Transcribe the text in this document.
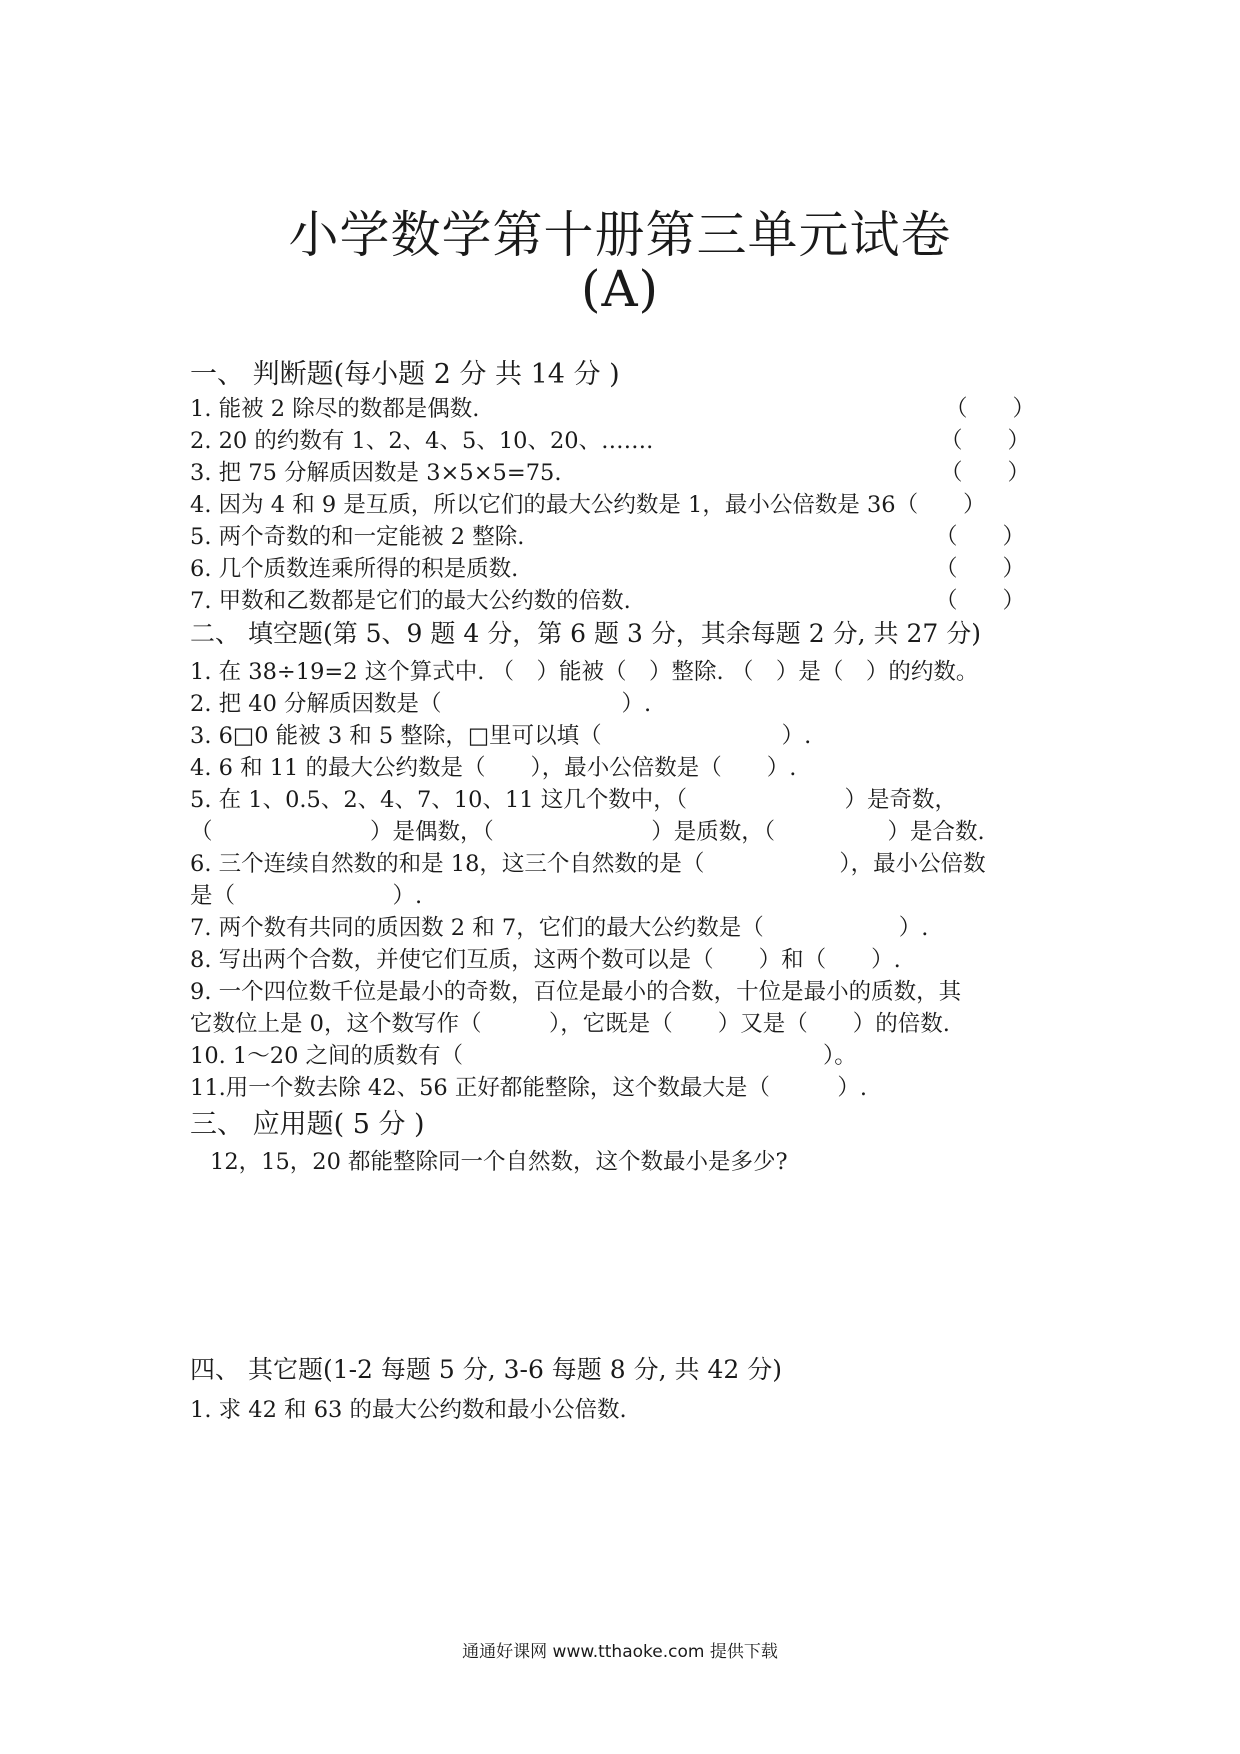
小学数学第十册第三单元试卷
(A)
一、 判断题(每小题 2 分 共 14 分 )
1. 能被 2 除尽的数都是偶数.	（　　）
2. 20 的约数有 1、2、4、5、10、20、…….	（　　）
3. 把 75 分解质因数是 3×5×5=75.	（　　）
4. 因为 4 和 9 是互质，所以它们的最大公约数是 1，最小公倍数是 36（　　）
5. 两个奇数的和一定能被 2 整除.	（　　）
6. 几个质数连乘所得的积是质数.	（　　）
7. 甲数和乙数都是它们的最大公约数的倍数.	（　　）
二、 填空题(第 5、9 题 4 分，第 6 题 3 分，其余每题 2 分, 共 27 分)
1. 在 38÷19=2 这个算式中. （　）能被（　）整除. （　）是（　）的约数。
2. 把 40 分解质因数是（　　　　　　　　）.
3. 6□0 能被 3 和 5 整除，□里可以填（　　　　　　　　）.
4. 6 和 11 的最大公约数是（　　），最小公倍数是（　　）.
5. 在 1、0.5、2、4、7、10、11 这几个数中，（　　　　　　　）是奇数，
（　　　　　　　）是偶数，（　　　　　　　）是质数，（　　　　　）是合数.
6. 三个连续自然数的和是 18，这三个自然数的是（　　　　　　），最小公倍数
是（　　　　　　　）.
7. 两个数有共同的质因数 2 和 7，它们的最大公约数是（　　　　　　）.
8. 写出两个合数，并使它们互质，这两个数可以是（　　）和（　　）.
9. 一个四位数千位是最小的奇数，百位是最小的合数，十位是最小的质数，其
它数位上是 0，这个数写作（　　　），它既是（　　）又是（　　）的倍数.
10. 1～20 之间的质数有（　　　　　　　　　　　　　　　　）。
11.用一个数去除 42、56 正好都能整除，这个数最大是（　　　）.
三、 应用题( 5 分 )
12，15，20 都能整除同一个自然数，这个数最小是多少?
四、 其它题(1-2 每题 5 分, 3-6 每题 8 分, 共 42 分)
1. 求 42 和 63 的最大公约数和最小公倍数.
通通好课网 www.tthaoke.com 提供下载
